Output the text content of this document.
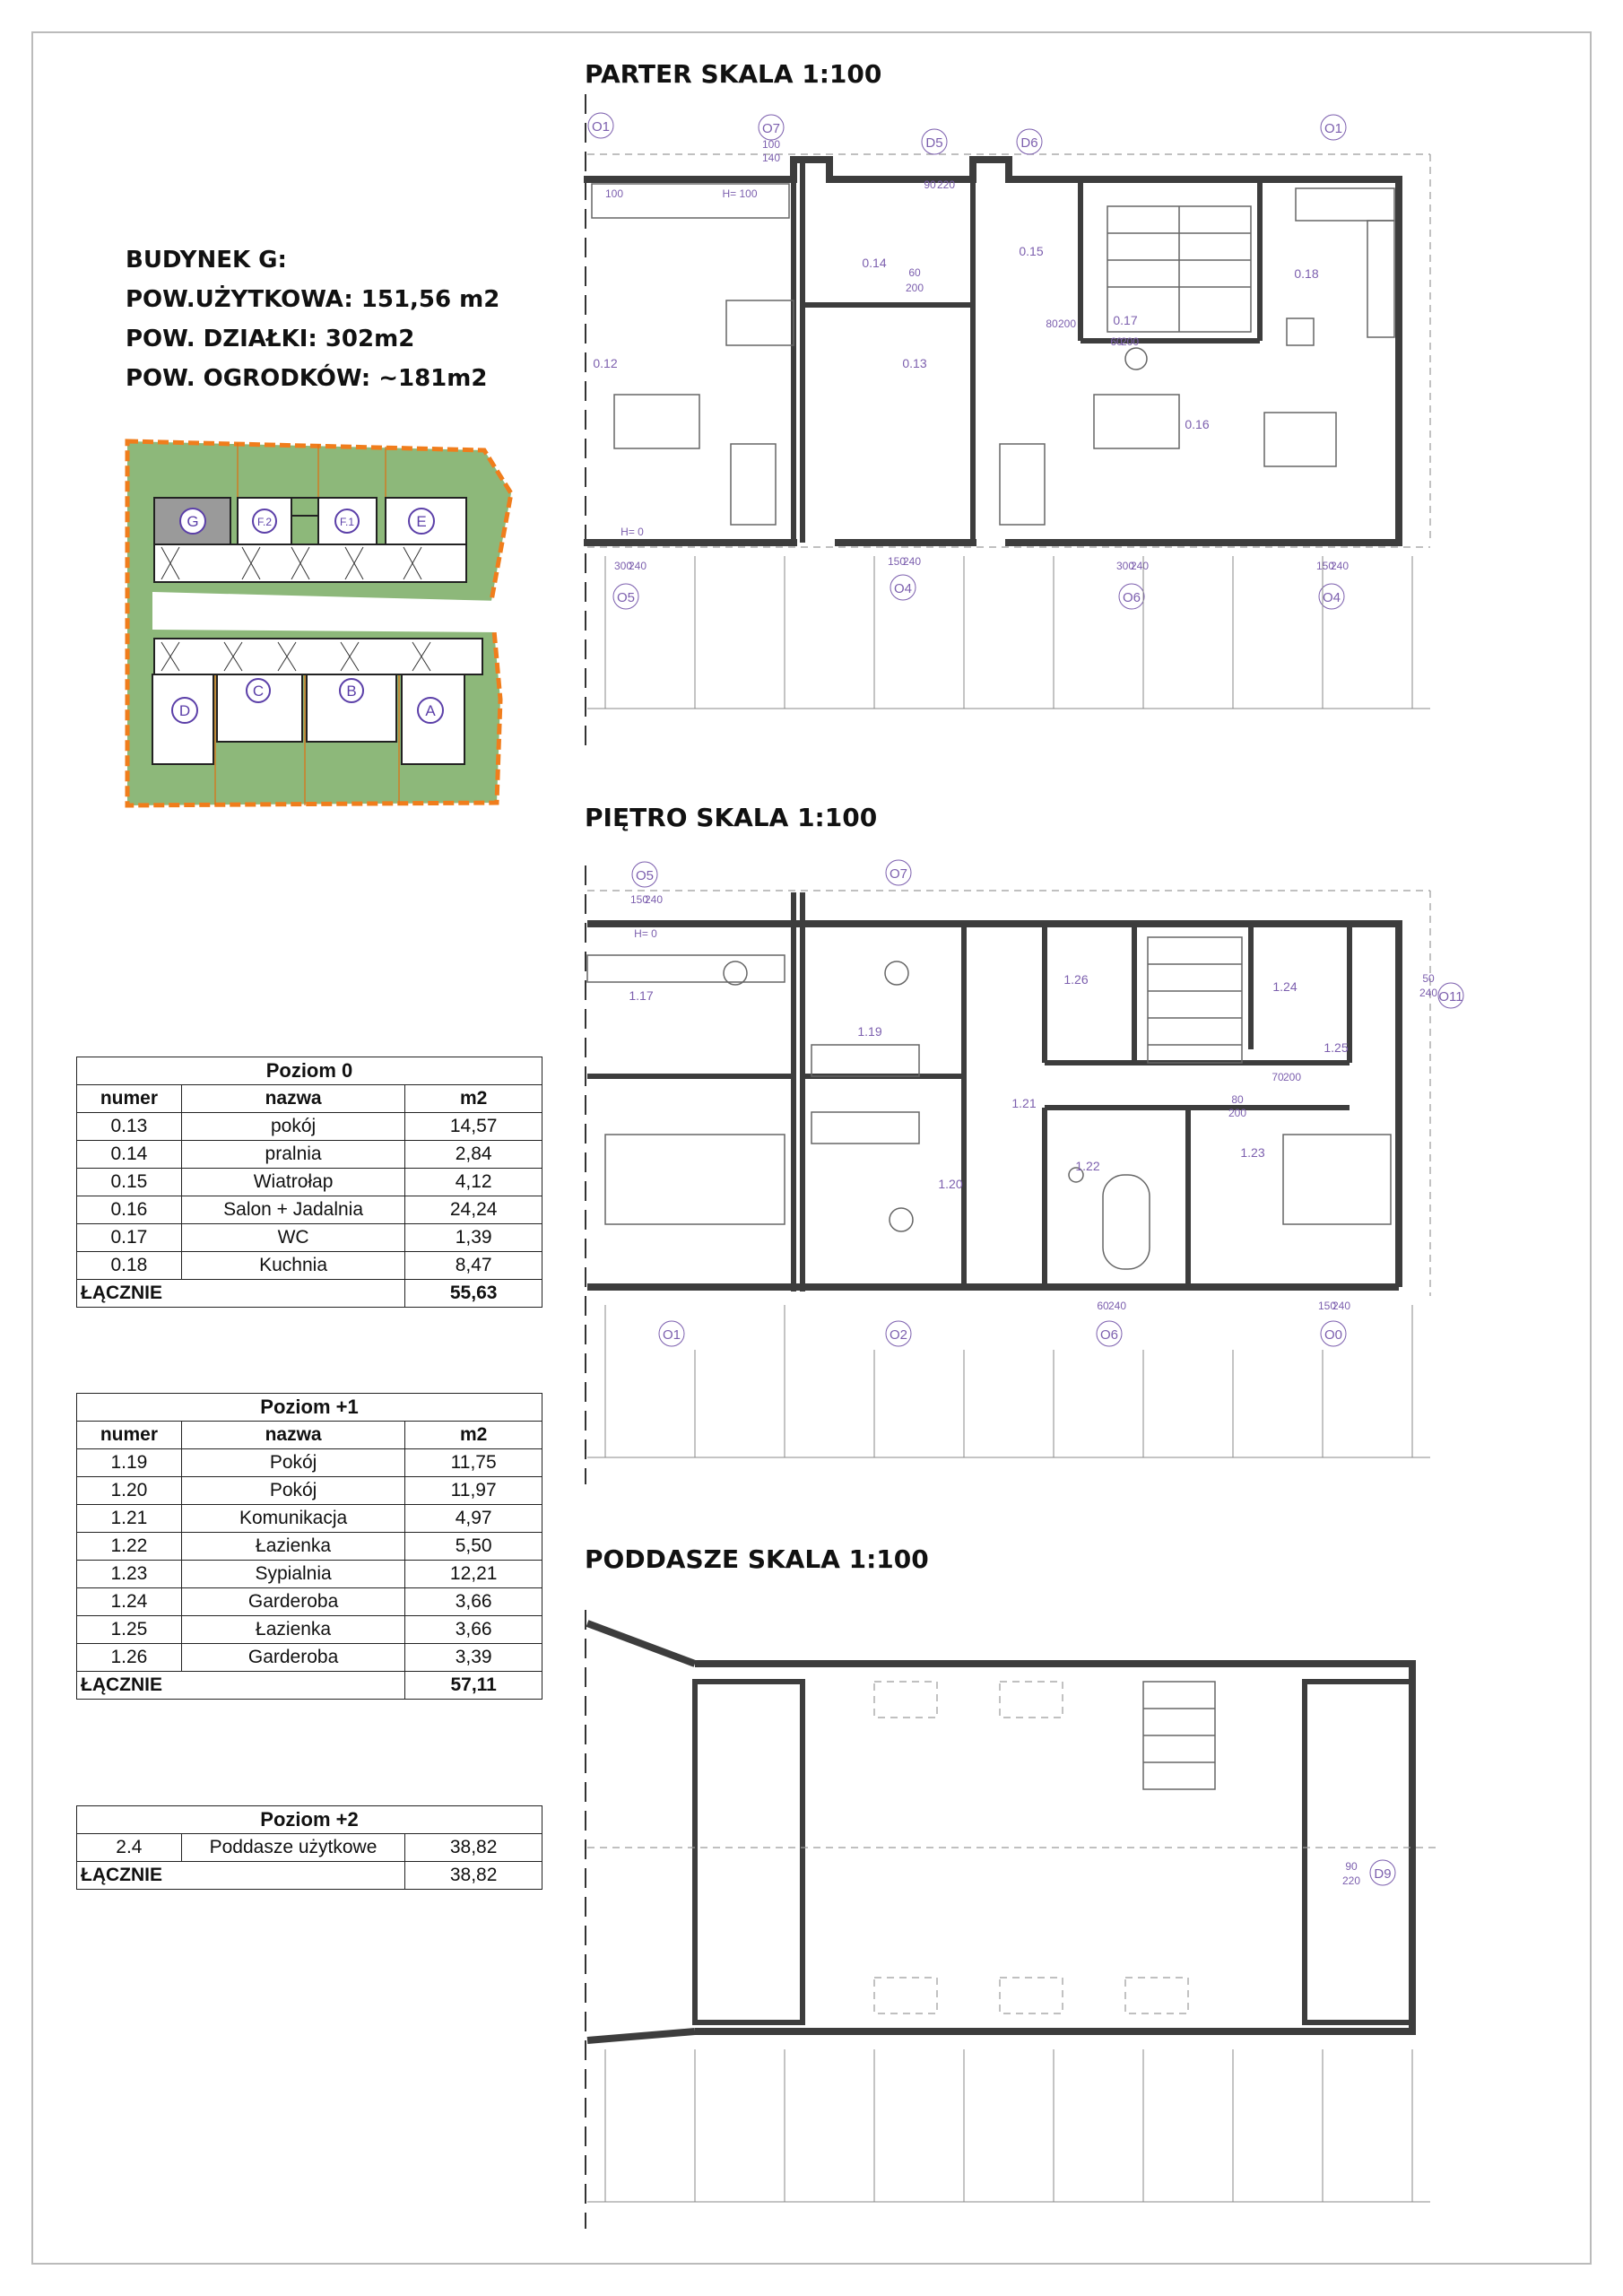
BUDYNEK G:
POW.UŻYTKOWA: 151,56 m2
POW. DZIAŁKI: 302m2
POW. OGRODKÓW: ~181m2
G	F.2	F.1	E
D
C	B
A
Poziom 0		
numer	nazwa	m2
0.13	pokój	14,57
0.14	pralnia	2,84
0.15	Wiatrołap	4,12
0.16	Salon + Jadalnia	24,24
0.17	WC	1,39
0.18	Kuchnia	8,47
ŁĄCZNIE		55,63
Poziom +1		
numer	nazwa	m2
1.19	Pokój	11,75
1.20	Pokój	11,97
1.21	Komunikacja	4,97
1.22	Łazienka	5,50
1.23	Sypialnia	12,21
1.24	Garderoba	3,66
1.25	Łazienka	3,66
1.26	Garderoba	3,39
ŁĄCZNIE		57,11
Poziom +2		
2.4	Poddasze użytkowe	38,82
ŁĄCZNIE		38,82
PARTER SKALA 1:100
PIĘTRO SKALA 1:100
PODDASZE SKALA 1:100
O1	O7
D5	D6
O1
O5
O4
O6	O4
0.12	0.13
0.14
0.15
0.16
0.17
0.18
100
140
100
H= 100
90 220
60
200
80 200
60
200
H= 0
300
240	150
240	300
240	150
240
O5	O7
O11
O1	O2	O6	O0
1.17
1.19
1.20
1.21
1.22
1.23
1.24
1.25
1.26
150
240
H= 0
50
240
80
200
70 200
60 240	150
240
D9
90
220
